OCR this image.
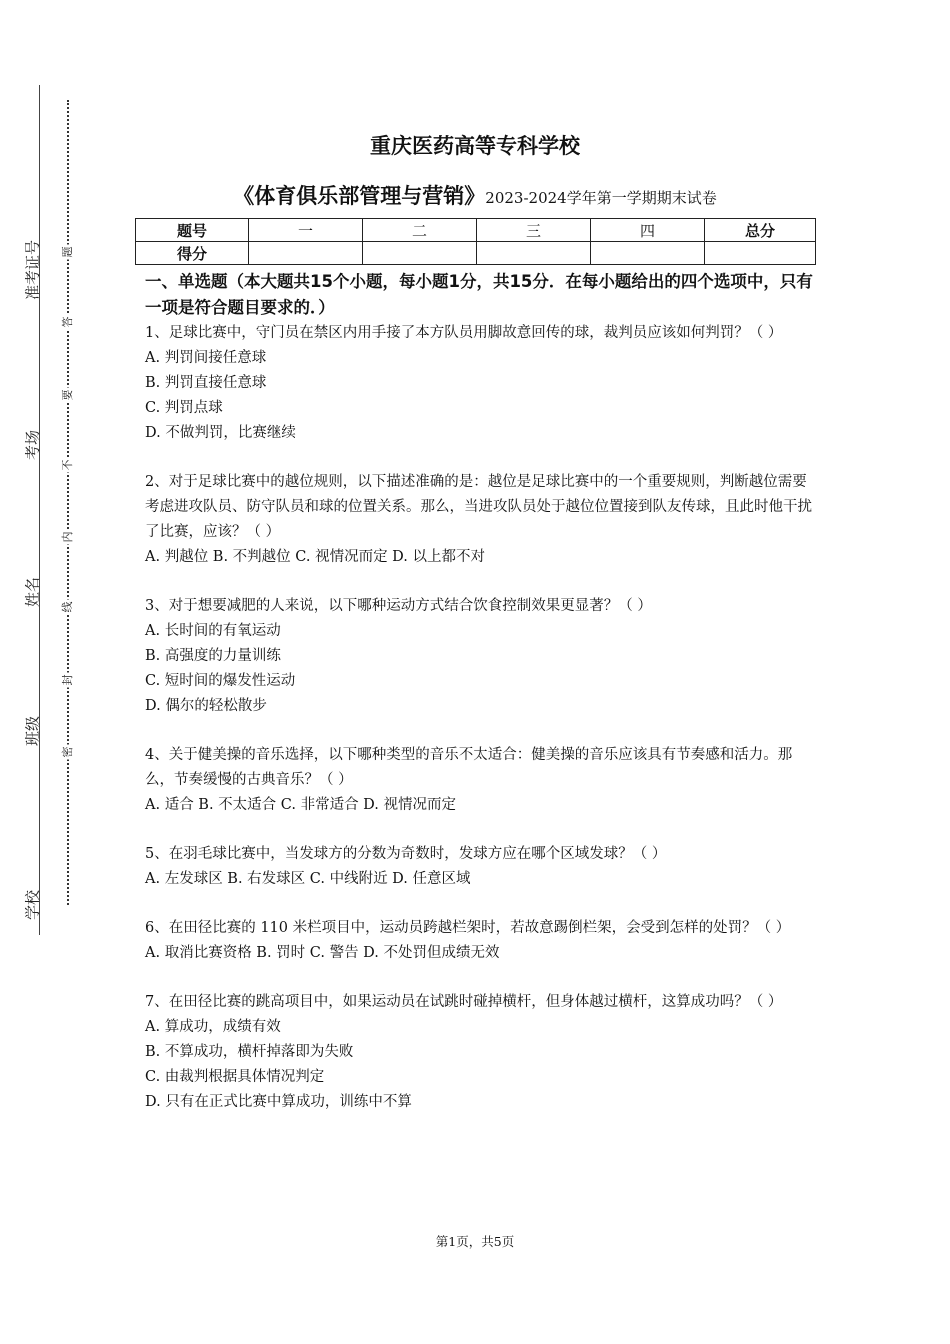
准考证号
考场
姓名
班级
学校
题
答
要
不
内
线
封
密
重庆医药高等专科学校
《体育俱乐部管理与营销》2023-2024学年第一学期期末试卷
题号	一	二	三	四	总分
得分					
一、单选题（本大题共15个小题，每小题1分，共15分．在每小题给出的四个选项中，只有一项是符合题目要求的．）

1、足球比赛中，守门员在禁区内用手接了本方队员用脚故意回传的球，裁判员应该如何判罚？（ ）

A. 判罚间接任意球

B. 判罚直接任意球

C. 判罚点球

D. 不做判罚，比赛继续

2、对于足球比赛中的越位规则，以下描述准确的是：越位是足球比赛中的一个重要规则，判断越位需要考虑进攻队员、防守队员和球的位置关系。那么，当进攻队员处于越位位置接到队友传球，且此时他干扰了比赛，应该？（ ）

A. 判越位 B. 不判越位 C. 视情况而定 D. 以上都不对

3、对于想要减肥的人来说，以下哪种运动方式结合饮食控制效果更显著？（ ）

A. 长时间的有氧运动

B. 高强度的力量训练

C. 短时间的爆发性运动

D. 偶尔的轻松散步

4、关于健美操的音乐选择，以下哪种类型的音乐不太适合：健美操的音乐应该具有节奏感和活力。那么，节奏缓慢的古典音乐？（ ）

A. 适合 B. 不太适合 C. 非常适合 D. 视情况而定

5、在羽毛球比赛中，当发球方的分数为奇数时，发球方应在哪个区域发球？（ ）

A. 左发球区 B. 右发球区 C. 中线附近 D. 任意区域

6、在田径比赛的 110 米栏项目中，运动员跨越栏架时，若故意踢倒栏架，会受到怎样的处罚？（ ）

A. 取消比赛资格 B. 罚时 C. 警告 D. 不处罚但成绩无效

7、在田径比赛的跳高项目中，如果运动员在试跳时碰掉横杆，但身体越过横杆，这算成功吗？（ ）

A. 算成功，成绩有效

B. 不算成功，横杆掉落即为失败

C. 由裁判根据具体情况判定

D. 只有在正式比赛中算成功，训练中不算

第1页，共5页
